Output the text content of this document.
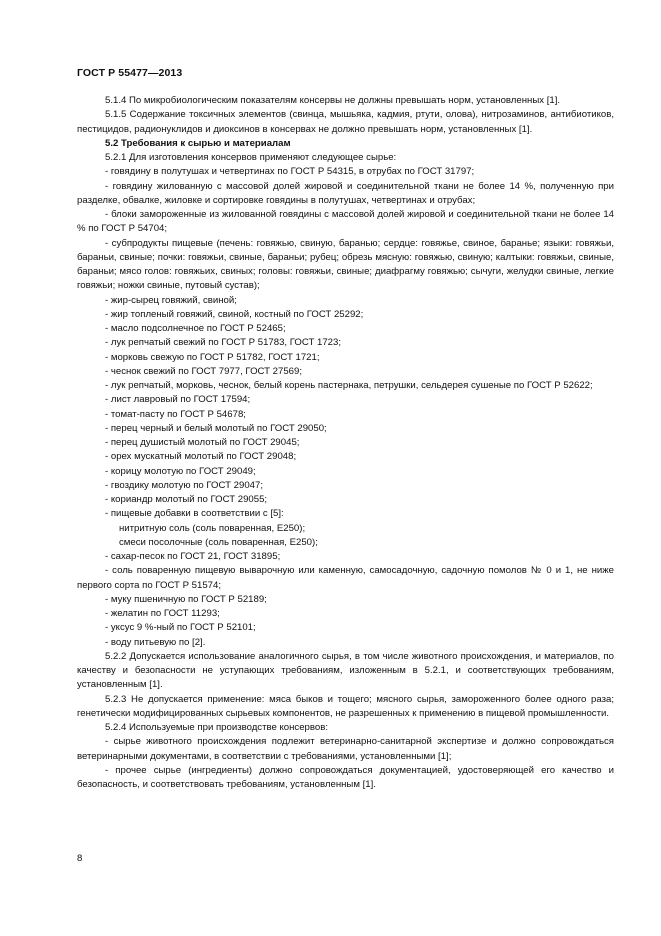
ГОСТ Р 55477—2013

5.1.4 По микробиологическим показателям консервы не должны превышать норм, установленных [1].

5.1.5 Содержание токсичных элементов (свинца, мышьяка, кадмия, ртути, олова), нитрозаминов, антибиотиков, пестицидов, радионуклидов и диоксинов в консервах не должно превышать норм, установленных [1].

5.2 Требования к сырью и материалам

5.2.1 Для изготовления консервов применяют следующее сырье:

- говядину в полутушах и четвертинах по ГОСТ Р 54315, в отрубах по ГОСТ 31797;

- говядину жилованную с массовой долей жировой и соединительной ткани не более 14 %, полученную при разделке, обвалке, жиловке и сортировке говядины в полутушах, четвертинах и отрубах;

- блоки замороженные из жилованной говядины с массовой долей жировой и соединительной ткани не более 14 % по ГОСТ Р 54704;

- субпродукты пищевые (печень: говяжью, свиную, баранью; сердце: говяжье, свиное, баранье; языки: говяжьи, бараньи, свиные; почки: говяжьи, свиные, бараньи; рубец; обрезь мясную: говяжью, свиную; калтыки: говяжьи, свиные, бараньи; мясо голов: говяжьих, свиных; головы: говяжьи, свиные; диафрагму говяжью; сычуги, желудки свиные, легкие говяжьи; ножки свиные, путовый сустав);

- жир-сырец говяжий, свиной;

- жир топленый говяжий, свиной, костный по ГОСТ 25292;

- масло подсолнечное по ГОСТ Р 52465;

- лук репчатый свежий по ГОСТ Р 51783, ГОСТ 1723;

- морковь свежую по ГОСТ Р 51782, ГОСТ 1721;

- чеснок свежий по ГОСТ 7977, ГОСТ 27569;

- лук репчатый, морковь, чеснок, белый корень пастернака, петрушки, сельдерея сушеные по ГОСТ Р 52622;

- лист лавровый по ГОСТ 17594;

- томат-пасту по ГОСТ Р 54678;

- перец черный и белый молотый по ГОСТ 29050;

- перец душистый молотый по ГОСТ 29045;

- орех мускатный молотый по ГОСТ 29048;

- корицу молотую по ГОСТ 29049;

- гвоздику молотую по ГОСТ 29047;

- кориандр молотый по ГОСТ 29055;

- пищевые добавки в соответствии с [5]:

нитритную соль (соль поваренная, Е250);

смеси посолочные (соль поваренная, Е250);

- сахар-песок по ГОСТ 21, ГОСТ 31895;

- соль поваренную пищевую выварочную или каменную, самосадочную, садочную помолов № 0 и 1, не ниже первого сорта по ГОСТ Р 51574;

- муку пшеничную по ГОСТ Р 52189;

- желатин по ГОСТ 11293;

- уксус 9 %-ный по ГОСТ Р 52101;

- воду питьевую по [2].

5.2.2 Допускается использование аналогичного сырья, в том числе животного происхождения, и материалов, по качеству и безопасности не уступающих требованиям, изложенным в 5.2.1, и соответствующих требованиям, установленным [1].

5.2.3 Не допускается применение: мяса быков и тощего; мясного сырья, замороженного более одного раза; генетически модифицированных сырьевых компонентов, не разрешенных к применению в пищевой промышленности.

5.2.4 Используемые при производстве консервов:

- сырье животного происхождения подлежит ветеринарно-санитарной экспертизе и должно сопровождаться ветеринарными документами, в соответствии с требованиями, установленными [1];

- прочее сырье (ингредиенты) должно сопровождаться документацией, удостоверяющей его качество и безопасность, и соответствовать требованиям, установленным [1].

8
